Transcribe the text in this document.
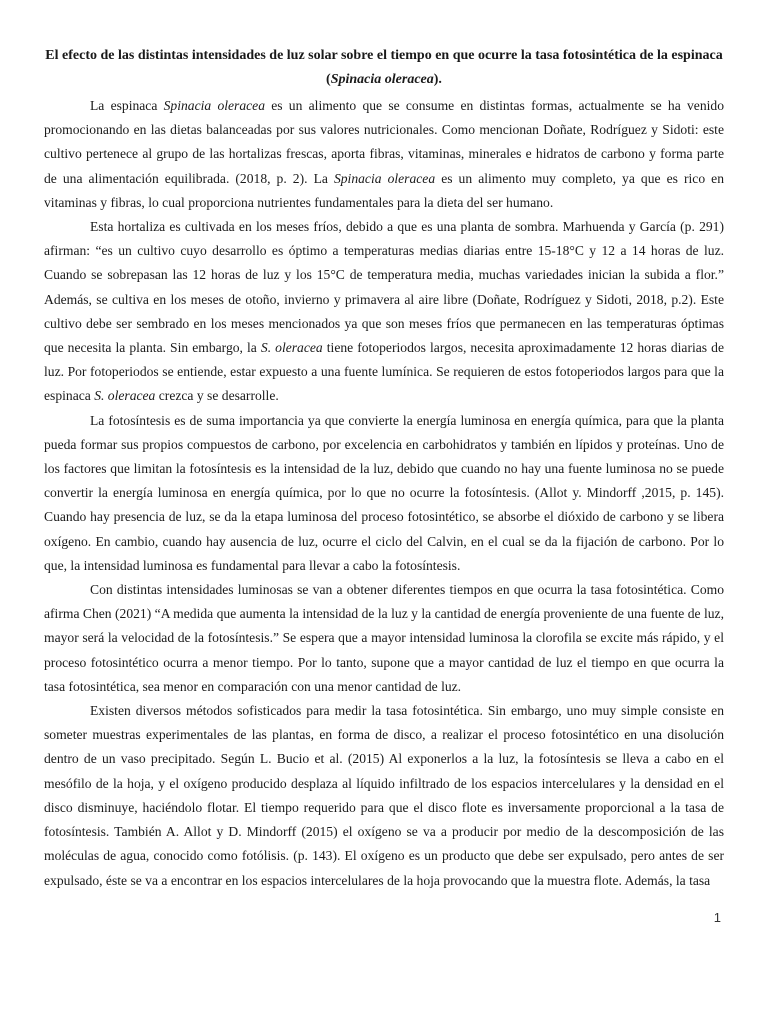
El efecto de las distintas intensidades de luz solar sobre el tiempo en que ocurre la tasa fotosintética de la espinaca (Spinacia oleracea).

La espinaca Spinacia oleracea es un alimento que se consume en distintas formas, actualmente se ha venido promocionando en las dietas balanceadas por sus valores nutricionales. Como mencionan Doñate, Rodríguez y Sidoti: este cultivo pertenece al grupo de las hortalizas frescas, aporta fibras, vitaminas, minerales e hidratos de carbono y forma parte de una alimentación equilibrada. (2018, p. 2). La Spinacia oleracea es un alimento muy completo, ya que es rico en vitaminas y fibras, lo cual proporciona nutrientes fundamentales para la dieta del ser humano.

Esta hortaliza es cultivada en los meses fríos, debido a que es una planta de sombra. Marhuenda y García (p. 291) afirman: “es un cultivo cuyo desarrollo es óptimo a temperaturas medias diarias entre 15-18°C y 12 a 14 horas de luz. Cuando se sobrepasan las 12 horas de luz y los 15°C de temperatura media, muchas variedades inician la subida a flor.” Además, se cultiva en los meses de otoño, invierno y primavera al aire libre (Doñate, Rodríguez y Sidoti, 2018, p.2). Este cultivo debe ser sembrado en los meses mencionados ya que son meses fríos que permanecen en las temperaturas óptimas que necesita la planta. Sin embargo, la S. oleracea tiene fotoperiodos largos, necesita aproximadamente 12 horas diarias de luz. Por fotoperiodos se entiende, estar expuesto a una fuente lumínica. Se requieren de estos fotoperiodos largos para que la espinaca S. oleracea crezca y se desarrolle.

La fotosíntesis es de suma importancia ya que convierte la energía luminosa en energía química, para que la planta pueda formar sus propios compuestos de carbono, por excelencia en carbohidratos y también en lípidos y proteínas. Uno de los factores que limitan la fotosíntesis es la intensidad de la luz, debido que cuando no hay una fuente luminosa no se puede convertir la energía luminosa en energía química, por lo que no ocurre la fotosíntesis. (Allot y. Mindorff ,2015, p. 145). Cuando hay presencia de luz, se da la etapa luminosa del proceso fotosintético, se absorbe el dióxido de carbono y se libera oxígeno. En cambio, cuando hay ausencia de luz, ocurre el ciclo del Calvin, en el cual se da la fijación de carbono. Por lo que, la intensidad luminosa es fundamental para llevar a cabo la fotosíntesis.

Con distintas intensidades luminosas se van a obtener diferentes tiempos en que ocurra la tasa fotosintética. Como afirma Chen (2021) “A medida que aumenta la intensidad de la luz y la cantidad de energía proveniente de una fuente de luz, mayor será la velocidad de la fotosíntesis.” Se espera que a mayor intensidad luminosa la clorofila se excite más rápido, y el proceso fotosintético ocurra a menor tiempo. Por lo tanto, supone que a mayor cantidad de luz el tiempo en que ocurra la tasa fotosintética, sea menor en comparación con una menor cantidad de luz.

Existen diversos métodos sofisticados para medir la tasa fotosintética. Sin embargo, uno muy simple consiste en someter muestras experimentales de las plantas, en forma de disco, a realizar el proceso fotosintético en una disolución dentro de un vaso precipitado. Según L. Bucio et al. (2015) Al exponerlos a la luz, la fotosíntesis se lleva a cabo en el mesófilo de la hoja, y el oxígeno producido desplaza al líquido infiltrado de los espacios intercelulares y la densidad en el disco disminuye, haciéndolo flotar. El tiempo requerido para que el disco flote es inversamente proporcional a la tasa de fotosíntesis. También A. Allot y D. Mindorff (2015) el oxígeno se va a producir por medio de la descomposición de las moléculas de agua, conocido como fotólisis. (p. 143). El oxígeno es un producto que debe ser expulsado, pero antes de ser expulsado, éste se va a encontrar en los espacios intercelulares de la hoja provocando que la muestra flote. Además, la tasa

1
